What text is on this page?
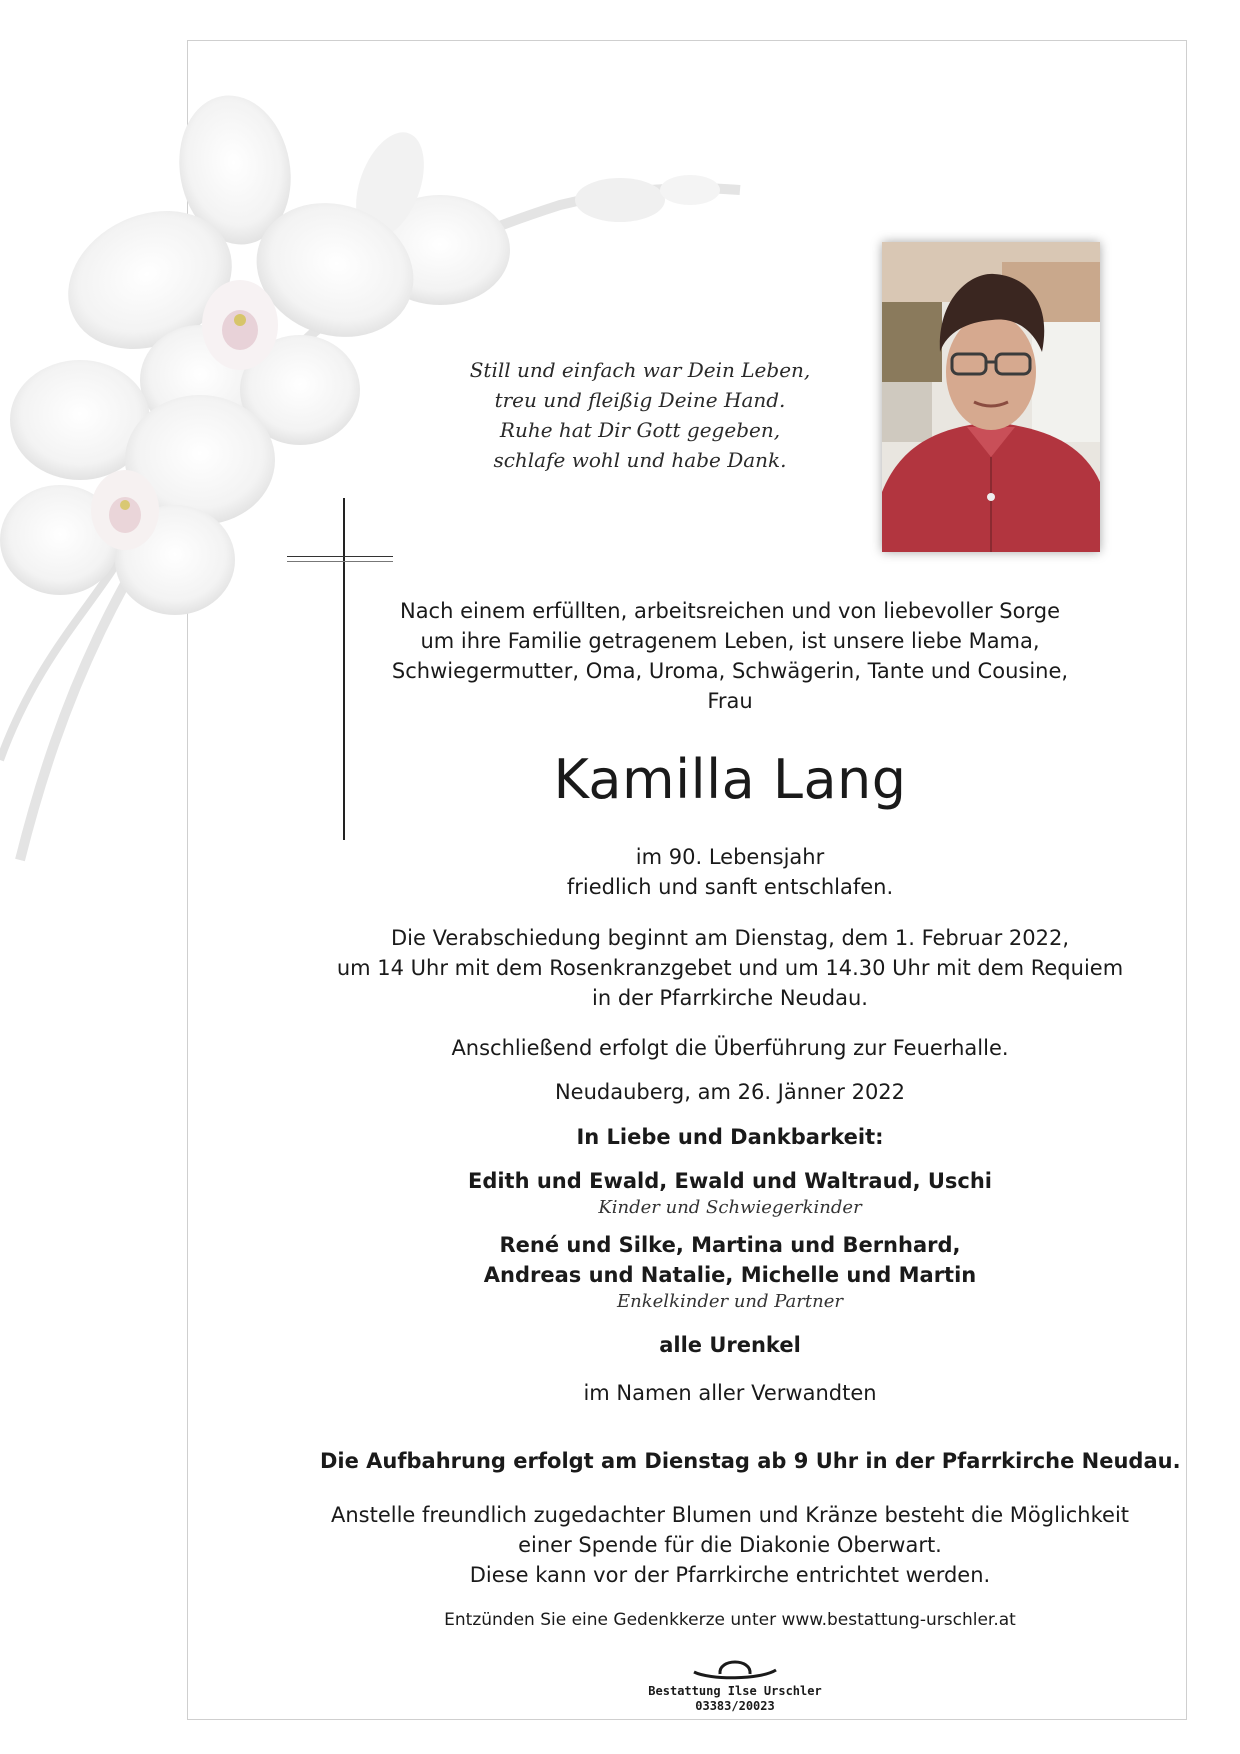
Still und einfach war Dein Leben,
treu und fleißig Deine Hand.
Ruhe hat Dir Gott gegeben,
schlafe wohl und habe Dank.
Nach einem erfüllten, arbeitsreichen und von liebevoller Sorge
um ihre Familie getragenem Leben, ist unsere liebe Mama,
Schwiegermutter, Oma, Uroma, Schwägerin, Tante und Cousine,
Frau
Kamilla Lang
im 90. Lebensjahr
friedlich und sanft entschlafen.
Die Verabschiedung beginnt am Dienstag, dem 1. Februar 2022,
um 14 Uhr mit dem Rosenkranzgebet und um 14.30 Uhr mit dem Requiem
in der Pfarrkirche Neudau.
Anschließend erfolgt die Überführung zur Feuerhalle.
Neudauberg, am 26. Jänner 2022
In Liebe und Dankbarkeit:
Edith und Ewald, Ewald und Waltraud, Uschi
Kinder und Schwiegerkinder
René und Silke, Martina und Bernhard,
Andreas und Natalie, Michelle und Martin
Enkelkinder und Partner
alle Urenkel
im Namen aller Verwandten
Die Aufbahrung erfolgt am Dienstag ab 9 Uhr in der Pfarrkirche Neudau.
Anstelle freundlich zugedachter Blumen und Kränze besteht die Möglichkeit
einer Spende für die Diakonie Oberwart.
Diese kann vor der Pfarrkirche entrichtet werden.
Entzünden Sie eine Gedenkkerze unter www.bestattung-urschler.at
Bestattung Ilse Urschler
03383/20023
